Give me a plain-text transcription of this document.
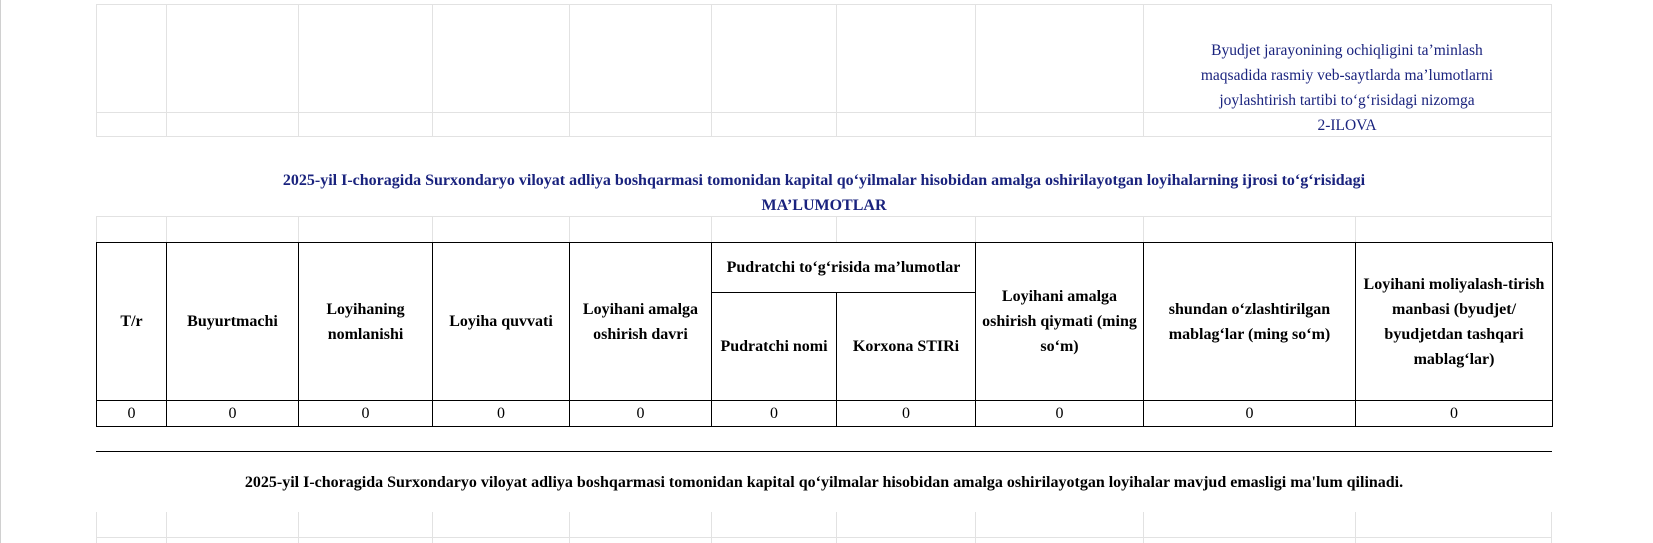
Byudjet jarayonining ochiqligini ta’minlash
maqsadida rasmiy veb-saytlarda ma’lumotlarni
joylashtirish tartibi to‘g‘risidagi nizomga
2-ILOVA
2025-yil I-choragida Surxondaryo viloyat adliya boshqarmasi tomonidan kapital qo‘yilmalar hisobidan amalga oshirilayotgan loyihalarning ijrosi to‘g‘risidagi
MA’LUMOTLAR
T/r	Buyurtmachi	Loyihaning nomlanishi	Loyiha quvvati	Loyihani amalga oshirish davri	Pudratchi to‘g‘risida ma’lumotlar		Loyihani amalga oshirish qiymati (ming so‘m)	shundan o‘zlashtirilgan mablag‘lar (ming so‘m)	Loyihani moliyalash-tirish manbasi (byudjet/ byudjetdan tashqari mablag‘lar)
					Pudratchi nomi	Korxona STIRi			
0	0	0	0	0	0	0	0	0	0
2025-yil I-choragida Surxondaryo viloyat adliya boshqarmasi tomonidan kapital qo‘yilmalar hisobidan amalga oshirilayotgan loyihalar mavjud emasligi ma'lum qilinadi.
